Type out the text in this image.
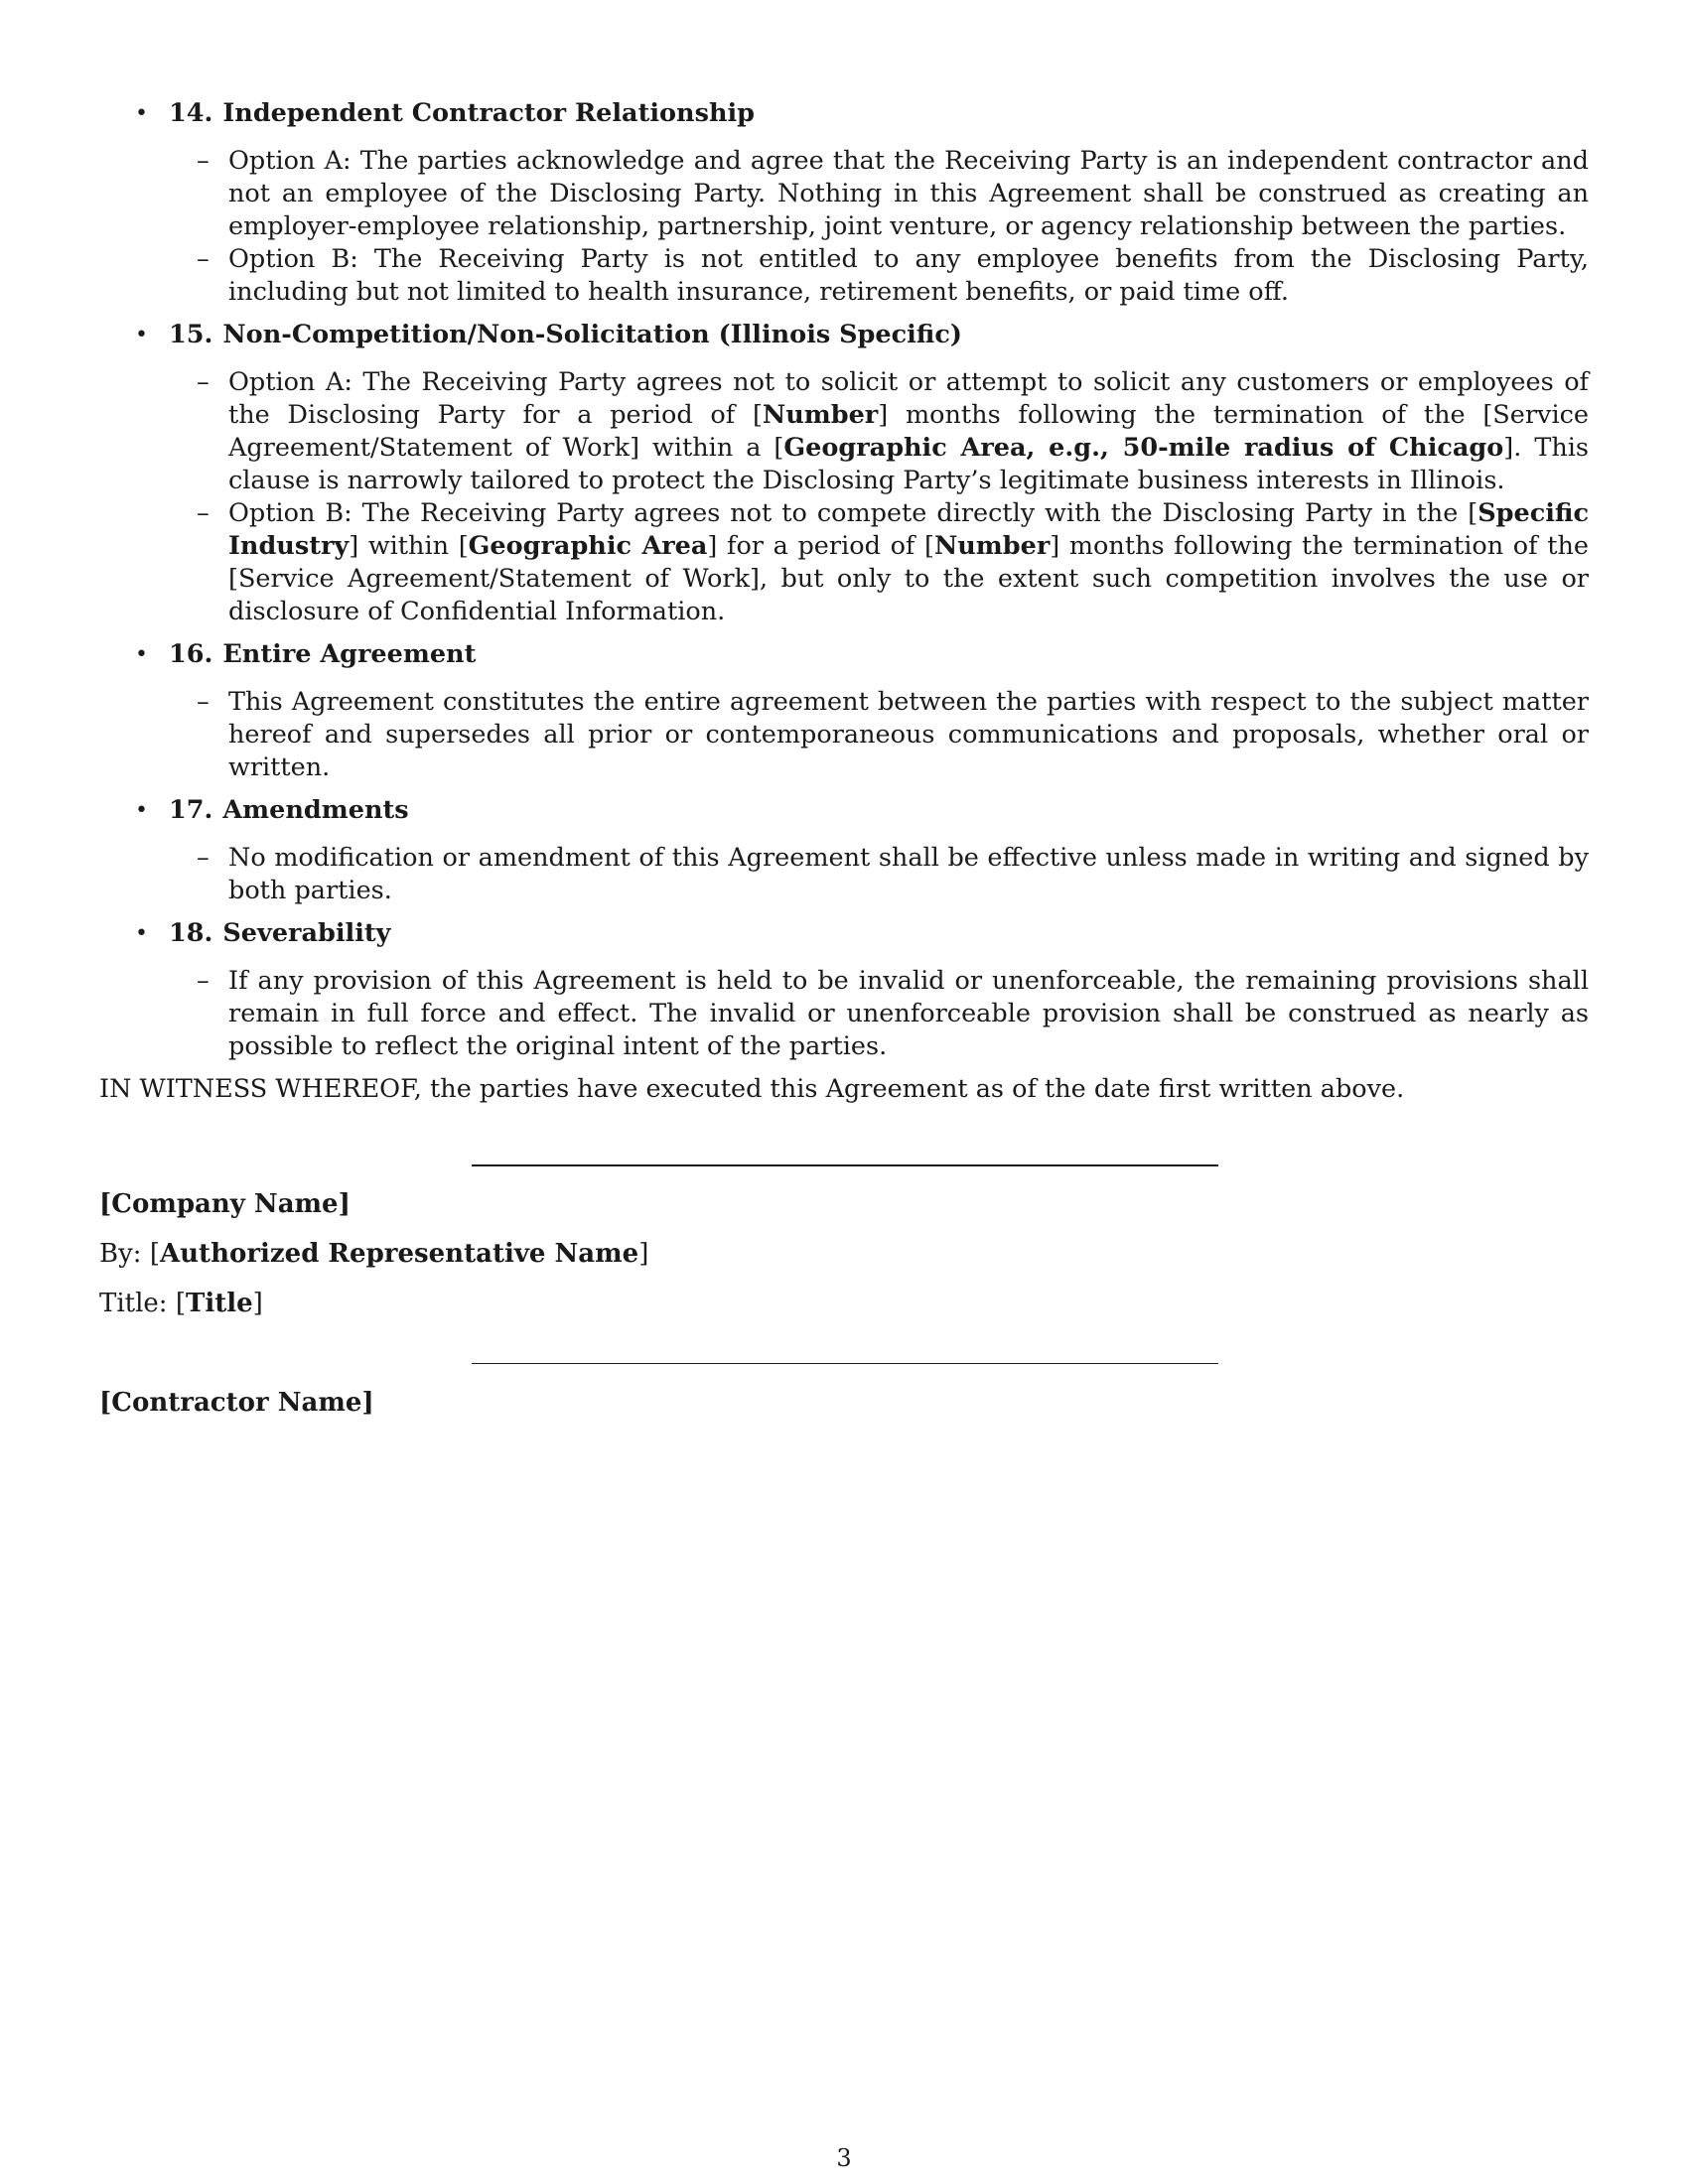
• 14. Independent Contractor Relationship
– Option A: The parties acknowledge and agree that the Receiving Party is an independent contractor and not an employee of the Disclosing Party. Nothing in this Agreement shall be construed as creating an employer-employee relationship, partnership, joint venture, or agency relationship between the parties.
– Option B: The Receiving Party is not entitled to any employee benefits from the Disclosing Party, including but not limited to health insurance, retirement benefits, or paid time off.
• 15. Non-Competition/Non-Solicitation (Illinois Specific)
– Option A: The Receiving Party agrees not to solicit or attempt to solicit any customers or employees of the Disclosing Party for a period of [Number] months following the termination of the [Service Agreement/Statement of Work] within a [Geographic Area, e.g., 50-mile radius of Chicago]. This clause is narrowly tailored to protect the Disclosing Party’s legitimate business interests in Illinois.
– Option B: The Receiving Party agrees not to compete directly with the Disclosing Party in the [Specific Industry] within [Geographic Area] for a period of [Number] months following the termination of the [Service Agreement/Statement of Work], but only to the extent such competition involves the use or disclosure of Confidential Information.
• 16. Entire Agreement
– This Agreement constitutes the entire agreement between the parties with respect to the subject matter hereof and supersedes all prior or contemporaneous communications and proposals, whether oral or written.
• 17. Amendments
– No modification or amendment of this Agreement shall be effective unless made in writing and signed by both parties.
• 18. Severability
– If any provision of this Agreement is held to be invalid or unenforceable, the remaining provisions shall remain in full force and effect. The invalid or unenforceable provision shall be construed as nearly as possible to reflect the original intent of the parties.
IN WITNESS WHEREOF, the parties have executed this Agreement as of the date first written above.
[Company Name]
By: [Authorized Representative Name]
Title: [Title]
[Contractor Name]
3
